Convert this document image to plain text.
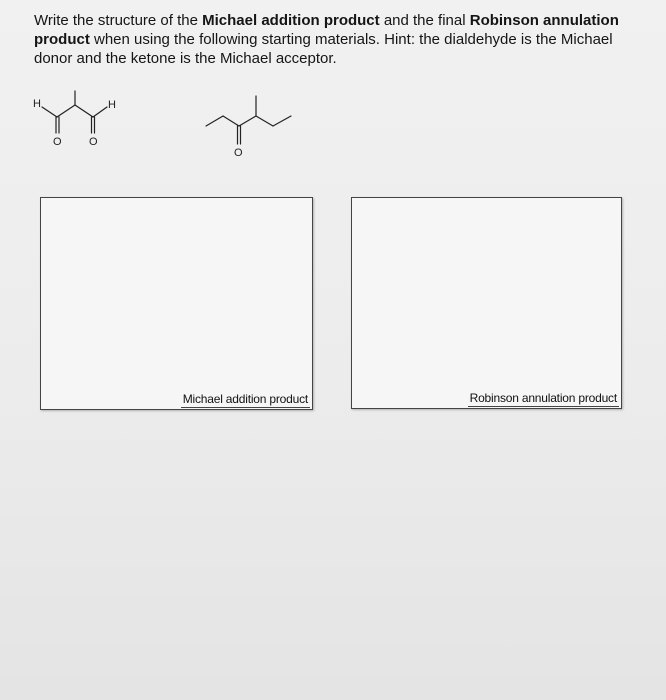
Write the structure of the Michael addition product and the final Robinson annulation product when using the following starting materials. Hint: the dialdehyde is the Michael donor and the ketone is the Michael acceptor.
H	H
O O
O
Michael addition product	Robinson annulation product
